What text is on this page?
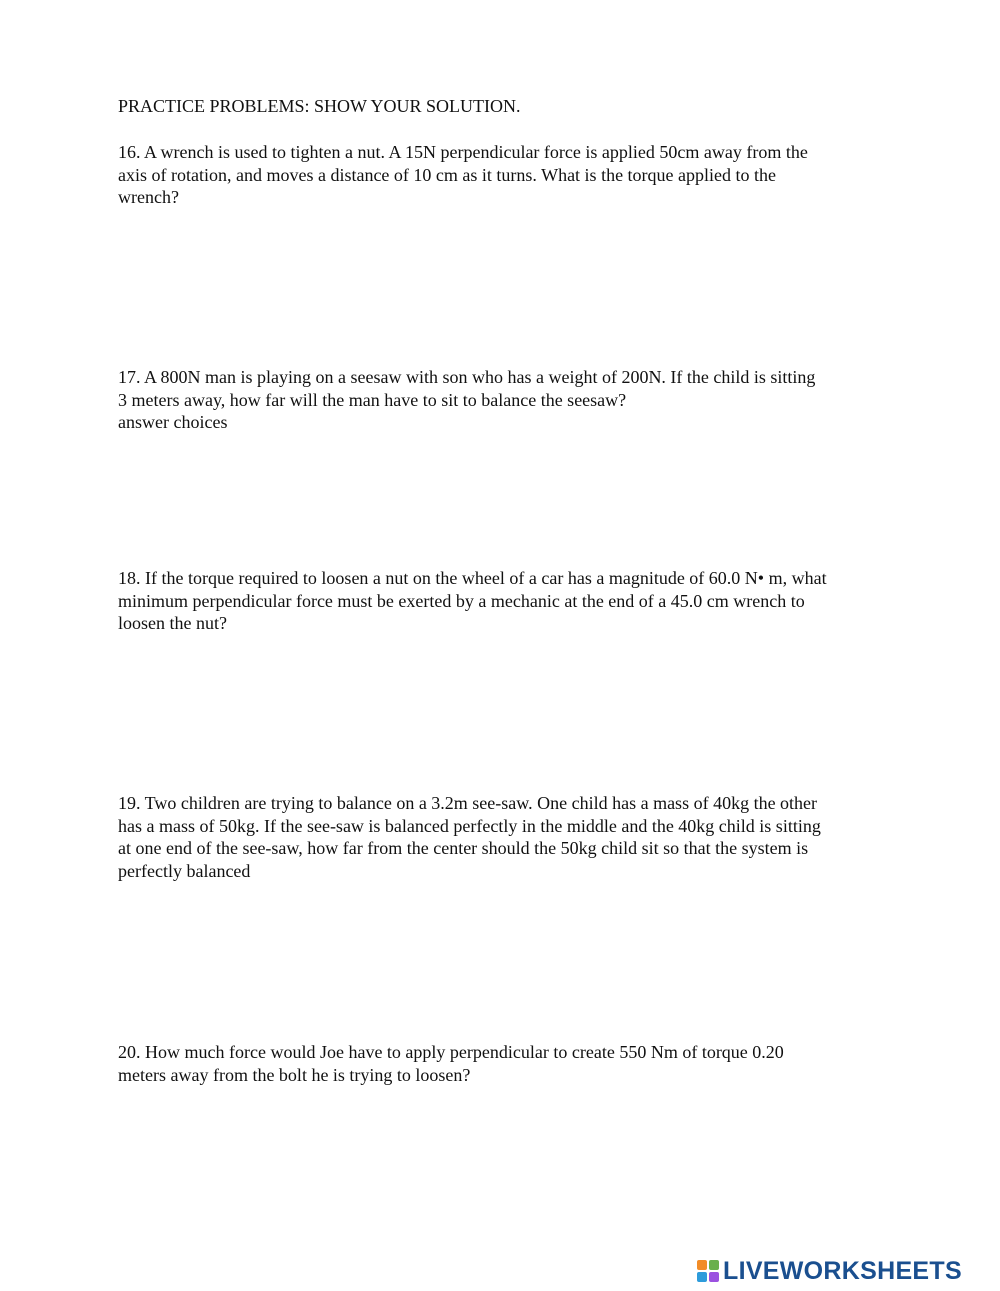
PRACTICE PROBLEMS: SHOW YOUR SOLUTION.
16. A wrench is used to tighten a nut. A 15N perpendicular force is applied 50cm away from the
axis of rotation, and moves a distance of 10 cm as it turns. What is the torque applied to the
wrench?
17. A 800N man is playing on a seesaw with son who has a weight of 200N. If the child is sitting
3 meters away, how far will the man have to sit to balance the seesaw?
answer choices
18. If the torque required to loosen a nut on the wheel of a car has a magnitude of 60.0 N• m, what
minimum perpendicular force must be exerted by a mechanic at the end of a 45.0 cm wrench to
loosen the nut?
19. Two children are trying to balance on a 3.2m see-saw. One child has a mass of 40kg the other
has a mass of 50kg. If the see-saw is balanced perfectly in the middle and the 40kg child is sitting
at one end of the see-saw, how far from the center should the 50kg child sit so that the system is
perfectly balanced
20. How much force would Joe have to apply perpendicular to create 550 Nm of torque 0.20
meters away from the bolt he is trying to loosen?
LIVEWORKSHEETS
